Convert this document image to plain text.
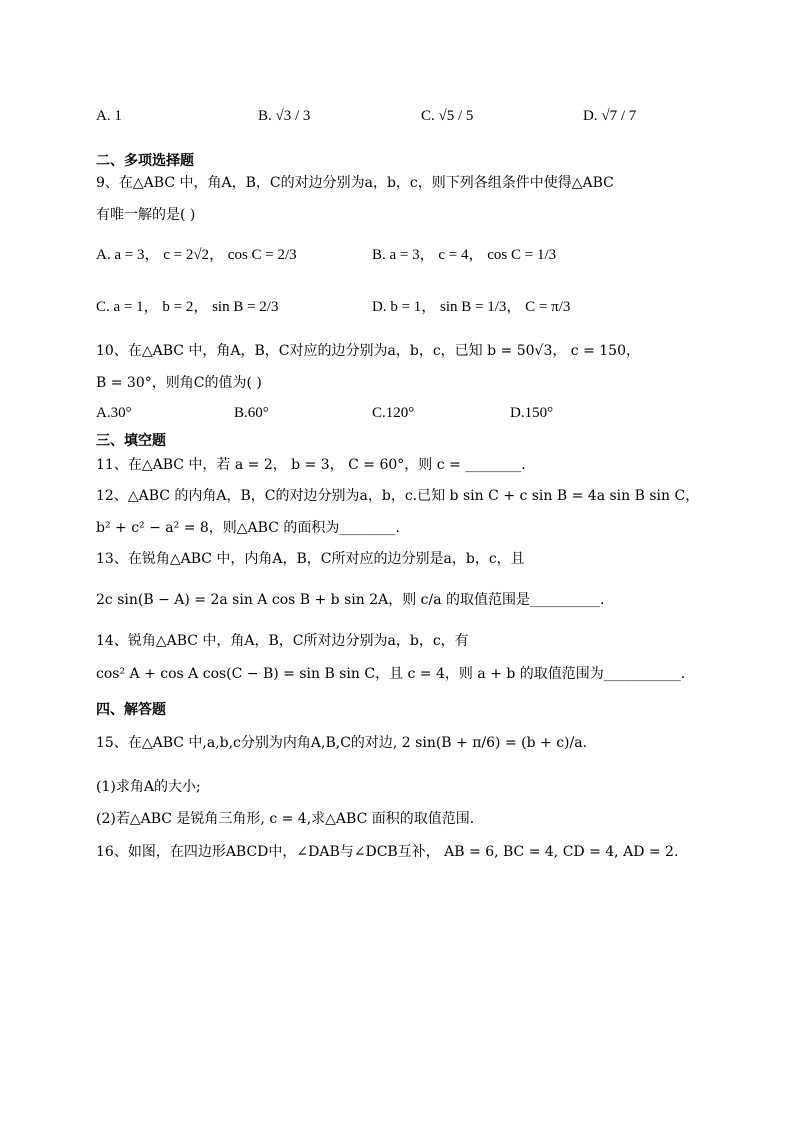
A. 1	B. √3 / 3	C. √5 / 5	D. √7 / 7
二、多项选择题
9、在△ABC 中，角A，B，C的对边分别为a，b，c，则下列各组条件中使得△ABC
有唯一解的是( )
A. a = 3， c = 2√2， cos C = 2/3	B. a = 3， c = 4， cos C = 1/3
C. a = 1， b = 2， sin B = 2/3	D. b = 1， sin B = 1/3， C = π/3
10、在△ABC 中，角A，B，C对应的边分别为a，b，c，已知 b = 50√3， c = 150，
B = 30°，则角C的值为( )
A.30°	B.60°	C.120°	D.150°
三、填空题
11、在△ABC 中，若 a = 2， b = 3， C = 60°，则 c = ________.
12、△ABC 的内角A，B，C的对边分别为a，b，c.已知 b sin C + c sin B = 4a sin B sin C，
b² + c² − a² = 8，则△ABC 的面积为________.
13、在锐角△ABC 中，内角A，B，C所对应的边分别是a，b，c，且
2c sin(B − A) = 2a sin A cos B + b sin 2A，则 c/a 的取值范围是__________.
14、锐角△ABC 中，角A，B，C所对边分别为a，b，c，有
cos² A + cos A cos(C − B) = sin B sin C，且 c = 4，则 a + b 的取值范围为___________.
四、解答题
15、在△ABC 中,a,b,c分别为内角A,B,C的对边, 2 sin(B + π/6) = (b + c)/a.
(1)求角A的大小;
(2)若△ABC 是锐角三角形, c = 4,求△ABC 面积的取值范围.
16、如图，在四边形ABCD中，∠DAB与∠DCB互补， AB = 6, BC = 4, CD = 4, AD = 2.
